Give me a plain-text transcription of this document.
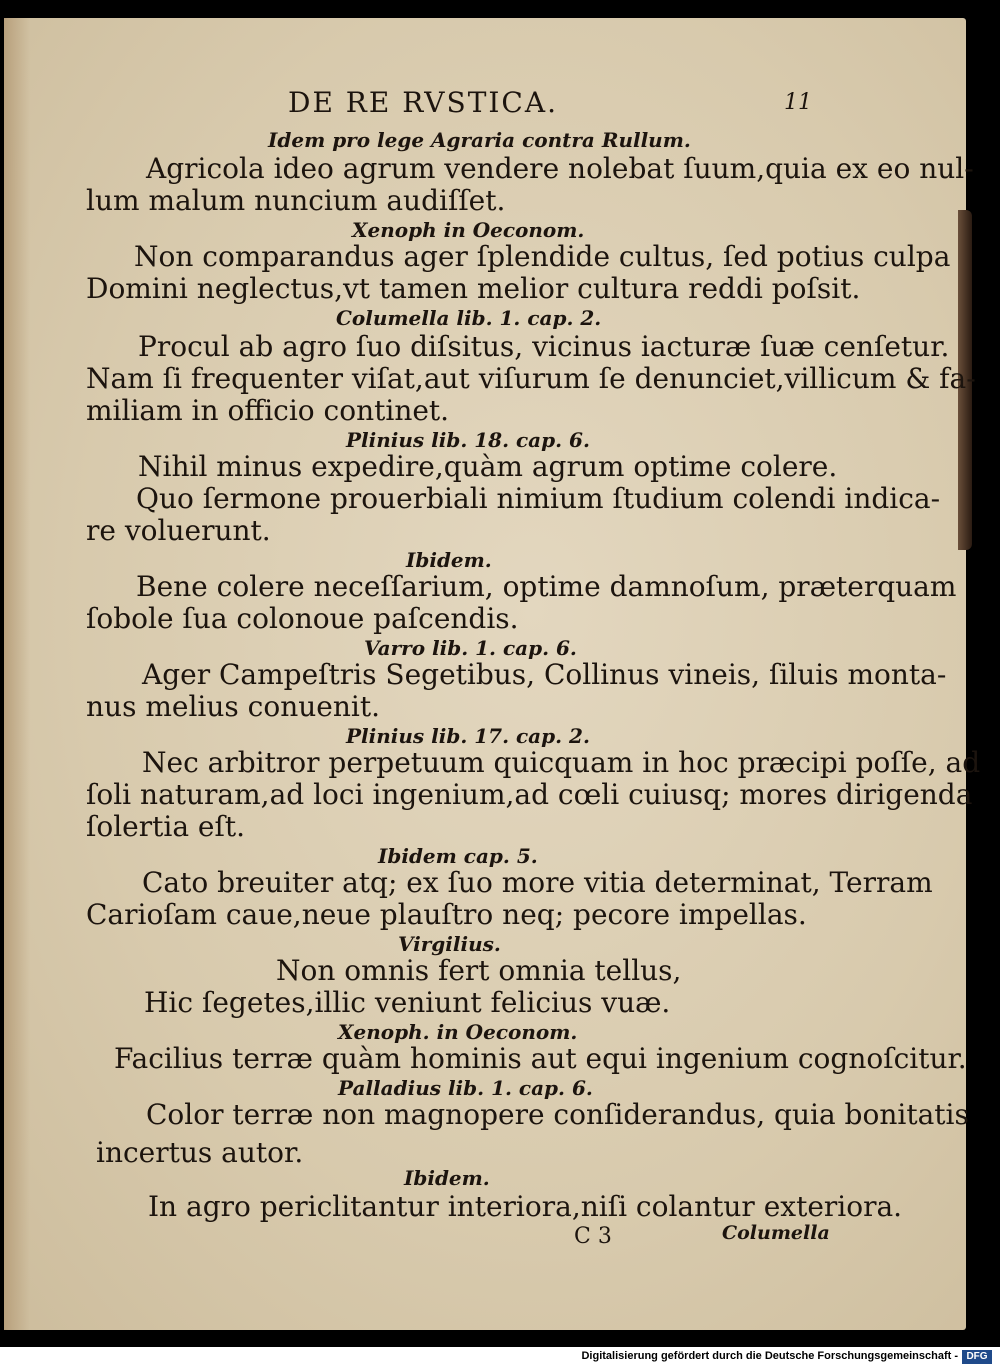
DE RE RVSTICA.	11
Idem pro lege Agraria contra Rullum.
Agricola ideo agrum vendere nolebat ſuum,quia ex eo nul-
lum malum nuncium audiſſet.
Xenoph in Oeconom.
Non comparandus ager ſplendide cultus, ſed potius culpa
Domini neglectus,vt tamen melior cultura reddi poſsit.
Columella lib. 1. cap. 2.
Procul ab agro ſuo diſsitus, vicinus iacturæ ſuæ cenſetur.
Nam ſi frequenter viſat,aut viſurum ſe denunciet,villicum & fa-
miliam in officio continet.
Plinius lib. 18. cap. 6.
Nihil minus expedire,quàm agrum optime colere.
Quo ſermone prouerbiali nimium ſtudium colendi indica-
re voluerunt.
Ibidem.
Bene colere neceſſarium, optime damnoſum, præterquam
ſobole ſua colonoue paſcendis.
Varro lib. 1. cap. 6.
Ager Campeſtris Segetibus, Collinus vineis, ſiluis monta-
nus melius conuenit.
Plinius lib. 17. cap. 2.
Nec arbitror perpetuum quicquam in hoc præcipi poſſe, ad
ſoli naturam,ad loci ingenium,ad cœli cuiusq; mores dirigenda
ſolertia eſt.
Ibidem cap. 5.
Cato breuiter atq; ex ſuo more vitia determinat, Terram
Carioſam caue,neue plauſtro neq; pecore impellas.
Virgilius.
Non omnis fert omnia tellus,
Hic ſegetes,illic veniunt felicius vuæ.
Xenoph. in Oeconom.
Facilius terræ quàm hominis aut equi ingenium cognoſcitur.
Palladius lib. 1. cap. 6.
Color terræ non magnopere conſiderandus, quia bonitatis
incertus autor.
Ibidem.
In agro periclitantur interiora,niſi colantur exteriora.
C 3	Columella
Digitalisierung gefördert durch die Deutsche Forschungsgemeinschaft - DFG
